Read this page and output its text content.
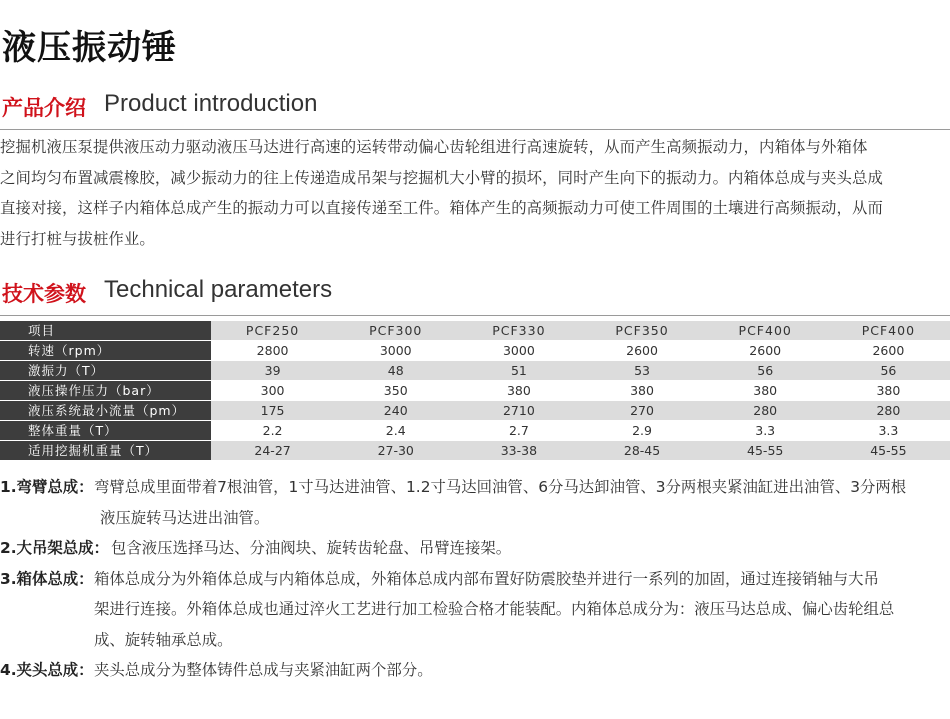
液压振动锤
产品介绍 Product introduction

挖掘机液压泵提供液压动力驱动液压马达进行高速的运转带动偏心齿轮组进行高速旋转，从而产生高频振动力，内箱体与外箱体
之间均匀布置减震橡胶，减少振动力的往上传递造成吊架与挖掘机大小臂的损坏，同时产生向下的振动力。内箱体总成与夹头总成
直接对接，这样子内箱体总成产生的振动力可以直接传递至工件。箱体产生的高频振动力可使工件周围的土壤进行高频振动，从而
进行打桩与拔桩作业。

技术参数 Technical parameters
项目	PCF250	PCF300	PCF330	PCF350	PCF400	PCF400
转速（rpm）	2800	3000	3000	2600	2600	2600
激振力（T）	39	48	51	53	56	56
液压操作压力（bar）	300	350	380	380	380	380
液压系统最小流量（pm）	175	240	2710	270	280	280
整体重量（T）	2.2	2.4	2.7	2.9	3.3	3.3
适用挖掘机重量（T）	24-27	27-30	33-38	28-45	45-55	45-55
1.弯臂总成： 弯臂总成里面带着7根油管，1寸马达进油管、1.2寸马达回油管、6分马达卸油管、3分两根夹紧油缸进出油管、3分两根
液压旋转马达进出油管。
2.大吊架总成： 包含液压选择马达、分油阀块、旋转齿轮盘、吊臂连接架。
3.箱体总成： 箱体总成分为外箱体总成与内箱体总成，外箱体总成内部布置好防震胶垫并进行一系列的加固，通过连接销轴与大吊
架进行连接。外箱体总成也通过淬火工艺进行加工检验合格才能装配。内箱体总成分为：液压马达总成、偏心齿轮组总
成、旋转轴承总成。
4.夹头总成： 夹头总成分为整体铸件总成与夹紧油缸两个部分。
